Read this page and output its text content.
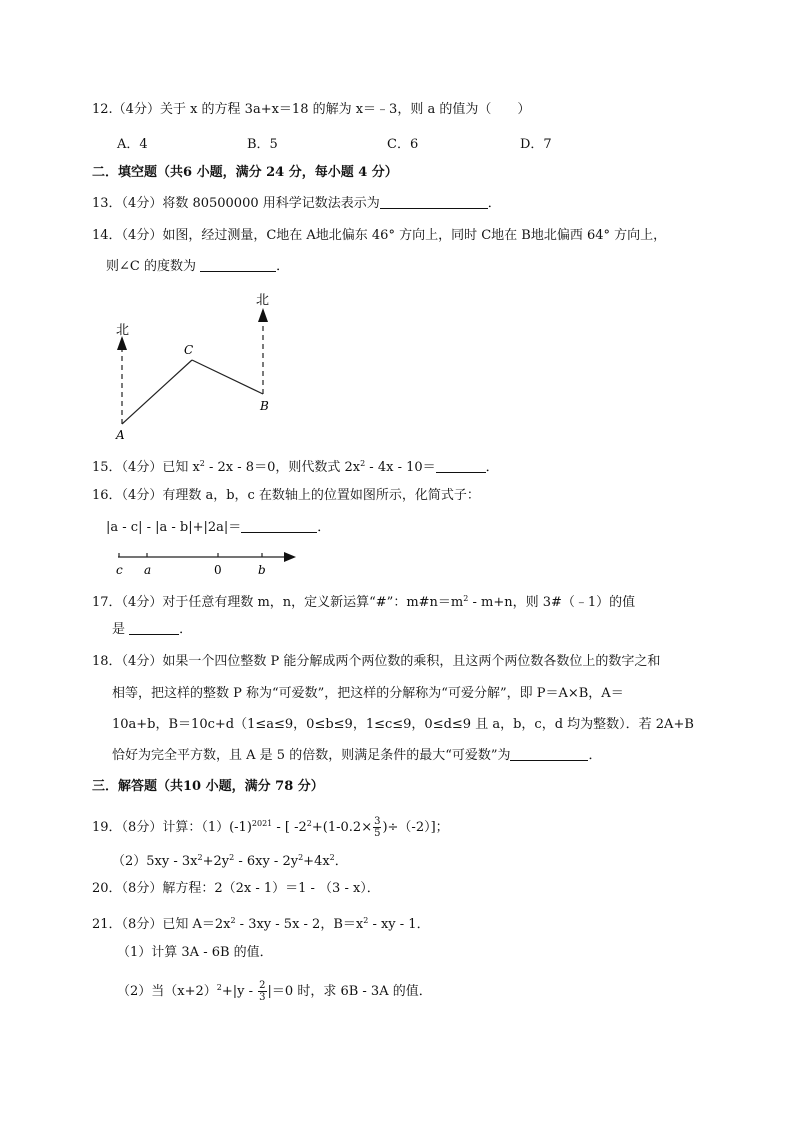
12.（4分）关于 x 的方程 3a+x＝18 的解为 x＝﹣3，则 a 的值为（　　）
A．4	B．5	C．6	D．7
二．填空题（共6 小题，满分 24 分，每小题 4 分）
13．（4分）将数 80500000 用科学记数法表示为	．
14．（4分）如图，经过测量，C地在 A地北偏东 46° 方向上，同时 C地在 B地北偏西 64° 方向上，
则∠C 的度数为	．
北
北
A
C
B
15．（4分）已知 $x^2 - 2x - 8=0$，则代数式 $2x^2 - 4x - 10=$	．
16．（4分）有理数 a，b，c 在数轴上的位置如图所示，化简式子：
|a - c| - |a - b|+|2a|＝	．
c a	0	b
17．（4分）对于任意有理数 m，n，定义新运算“#”：$m\#n=m^2 - m+n$，则 3#（﹣1）的值
是	．
18．（4分）如果一个四位整数 P 能分解成两个两位数的乘积，且这两个两位数各数位上的数字之和
相等，把这样的整数 P 称为“可爱数”，把这样的分解称为“可爱分解”，即 P＝A×B，A＝
10a+b，B＝10c+d（1≤a≤9，0≤b≤9，1≤c≤9，0≤d≤9 且 a，b，c，d 均为整数）．若 2A+B
恰好为完全平方数，且 A 是 5 的倍数，则满足条件的最大“可爱数”为	．
三．解答题（共10 小题，满分 78 分）
19．（8分）计算：$(1)(-1)^{2021}$ - [ $-2^2+(1-0.2\times \frac{3}{5} )\div(-2)$]；
$(2)5xy - 3x^2+2y^2 - 6xy - 2y^2+4x^2$．
20．（8分）解方程：2（2x - 1）＝1 - （3 - x）．
21．（8分）已知 $A=2x^2 - 3xy - 5x - 2$，$B=x^2$ - xy - 1．
（1）计算 3A - 6B 的值．
（2）当$(x+2)^2+|y - \frac{2}{3} |=0$ 时，求 6B - 3A 的值．
